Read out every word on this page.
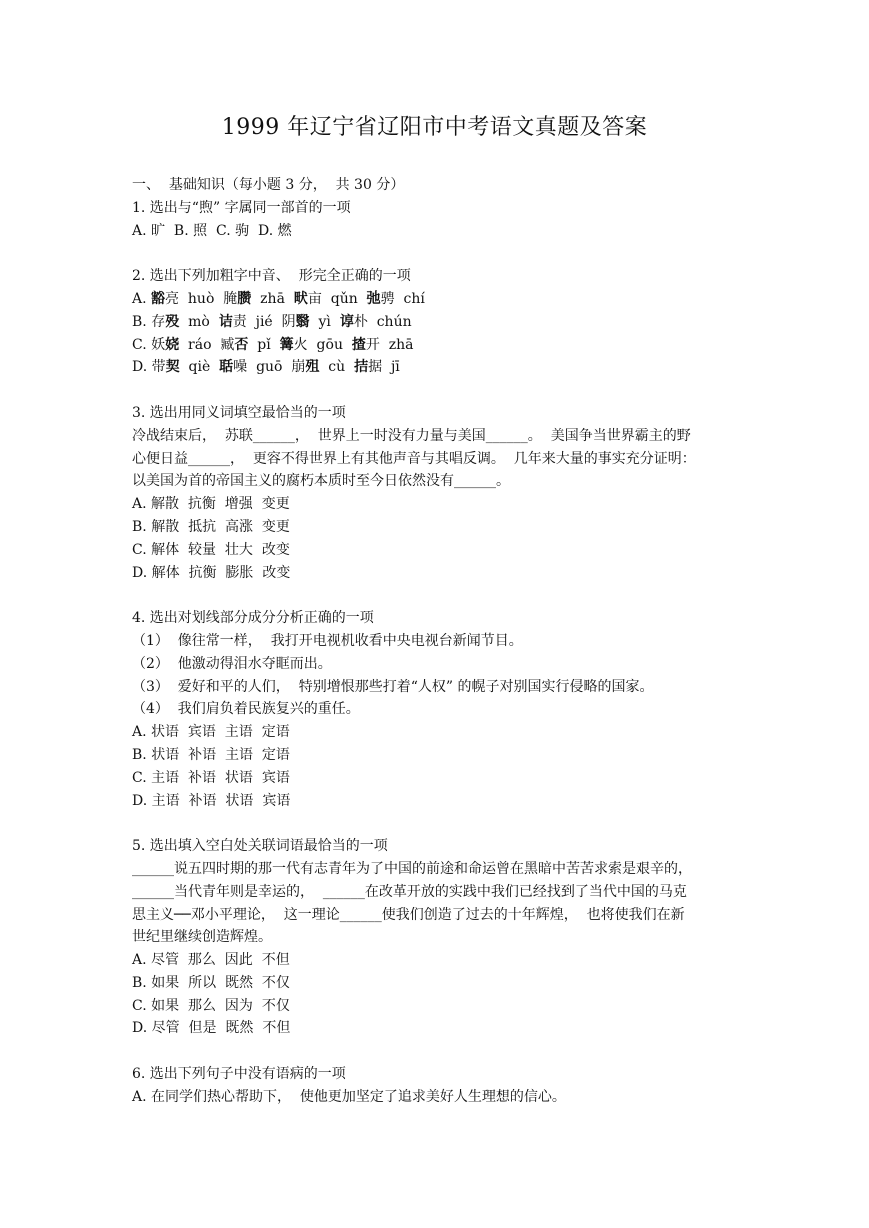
1999 年辽宁省辽阳市中考语文真题及答案
一、  基础知识（每小题 3 分，  共 30 分）
1. 选出与“煦” 字属同一部首的一项
A. 旷  B. 照  C. 驹  D. 燃
2. 选出下列加粗字中音、  形完全正确的一项
A. 豁亮  huò  腌臜  zhā  畎亩  qǔn  弛骋  chí
B. 存殁  mò  诘责  jié  阴翳  yì  谆朴  chún
C. 妖娆  ráo  臧否  pǐ  篝火  gōu  揸开  zhā
D. 带契  qiè  聒噪  guō  崩殂  cù  拮据  jī
3. 选出用同义词填空最恰当的一项
冷战结束后，  苏联______，  世界上一时没有力量与美国______。  美国争当世界霸主的野
心便日益______，  更容不得世界上有其他声音与其唱反调。  几年来大量的事实充分证明：
以美国为首的帝国主义的腐朽本质时至今日依然没有______。
A. 解散  抗衡  增强  变更
B. 解散  抵抗  高涨  变更
C. 解体  较量  壮大  改变
D. 解体  抗衡  膨胀  改变
4. 选出对划线部分成分分析正确的一项
（1）  像往常一样，  我打开电视机收看中央电视台新闻节目。
（2）  他激动得泪水夺眶而出。
（3）  爱好和平的人们，  特别增恨那些打着“人权” 的幌子对别国实行侵略的国家。
（4）  我们肩负着民族复兴的重任。
A. 状语  宾语  主语  定语
B. 状语  补语  主语  定语
C. 主语  补语  状语  宾语
D. 主语  补语  状语  宾语
5. 选出填入空白处关联词语最恰当的一项
______说五四时期的那一代有志青年为了中国的前途和命运曾在黑暗中苦苦求索是艰辛的，
______当代青年则是幸运的，  ______在改革开放的实践中我们已经找到了当代中国的马克
思主义──邓小平理论，  这一理论______使我们创造了过去的十年辉煌，  也将使我们在新
世纪里继续创造辉煌。
A. 尽管  那么  因此  不但
B. 如果  所以  既然  不仅
C. 如果  那么  因为  不仅
D. 尽管  但是  既然  不但
6. 选出下列句子中没有语病的一项
A. 在同学们热心帮助下，  使他更加坚定了追求美好人生理想的信心。
